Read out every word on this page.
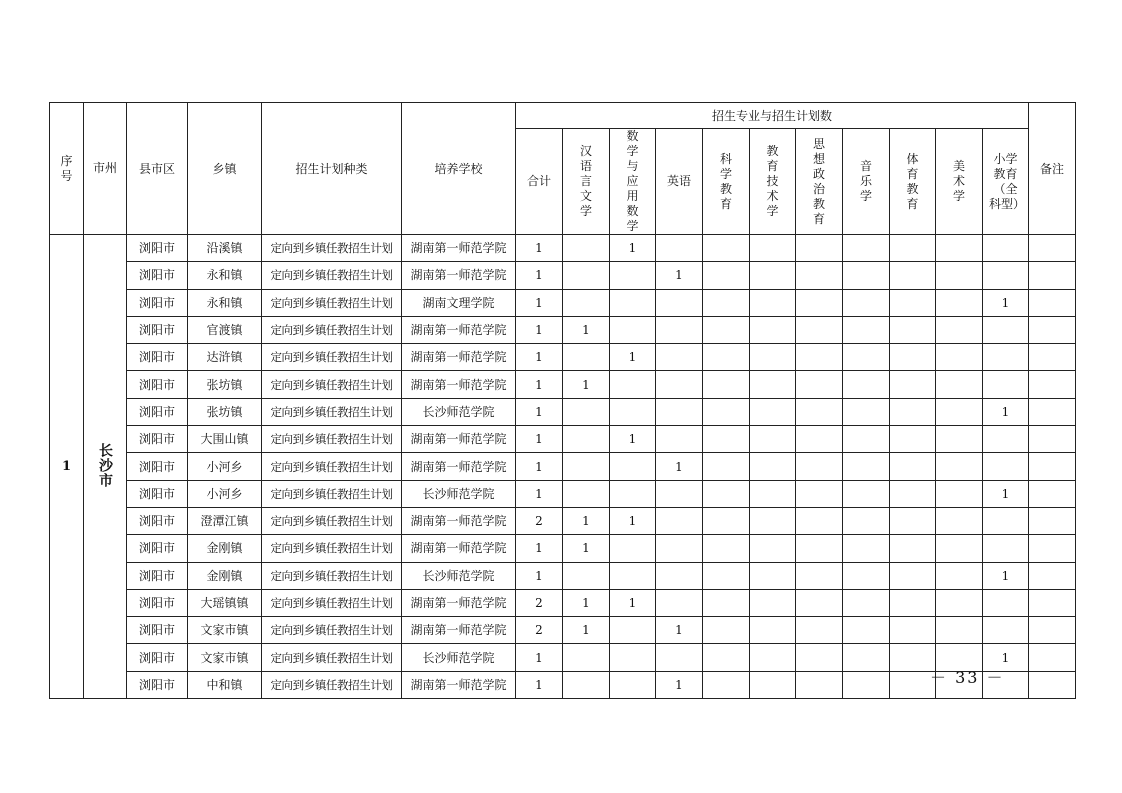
序号	市州	县市区	乡镇	招生计划种类	培养学校	招生专业与招生计划数											备注
						合计	汉语言文学	数学与应用数学	英语	科学教育	教育技术学	思想政治教育	音乐学	体育教育	美术学	小学教育（全科型）	
1	长沙市	浏阳市	沿溪镇	定向到乡镇任教招生计划	湖南第一师范学院	1		1									
		浏阳市	永和镇	定向到乡镇任教招生计划	湖南第一师范学院	1			1								
		浏阳市	永和镇	定向到乡镇任教招生计划	湖南文理学院	1										1	
		浏阳市	官渡镇	定向到乡镇任教招生计划	湖南第一师范学院	1	1										
		浏阳市	达浒镇	定向到乡镇任教招生计划	湖南第一师范学院	1		1									
		浏阳市	张坊镇	定向到乡镇任教招生计划	湖南第一师范学院	1	1										
		浏阳市	张坊镇	定向到乡镇任教招生计划	长沙师范学院	1										1	
		浏阳市	大围山镇	定向到乡镇任教招生计划	湖南第一师范学院	1		1									
		浏阳市	小河乡	定向到乡镇任教招生计划	湖南第一师范学院	1			1								
		浏阳市	小河乡	定向到乡镇任教招生计划	长沙师范学院	1										1	
		浏阳市	澄潭江镇	定向到乡镇任教招生计划	湖南第一师范学院	2	1	1									
		浏阳市	金刚镇	定向到乡镇任教招生计划	湖南第一师范学院	1	1										
		浏阳市	金刚镇	定向到乡镇任教招生计划	长沙师范学院	1										1	
		浏阳市	大瑶镇镇	定向到乡镇任教招生计划	湖南第一师范学院	2	1	1									
		浏阳市	文家市镇	定向到乡镇任教招生计划	湖南第一师范学院	2	1		1								
		浏阳市	文家市镇	定向到乡镇任教招生计划	长沙师范学院	1										1	
		浏阳市	中和镇	定向到乡镇任教招生计划	湖南第一师范学院	1			1									－ 33 －
